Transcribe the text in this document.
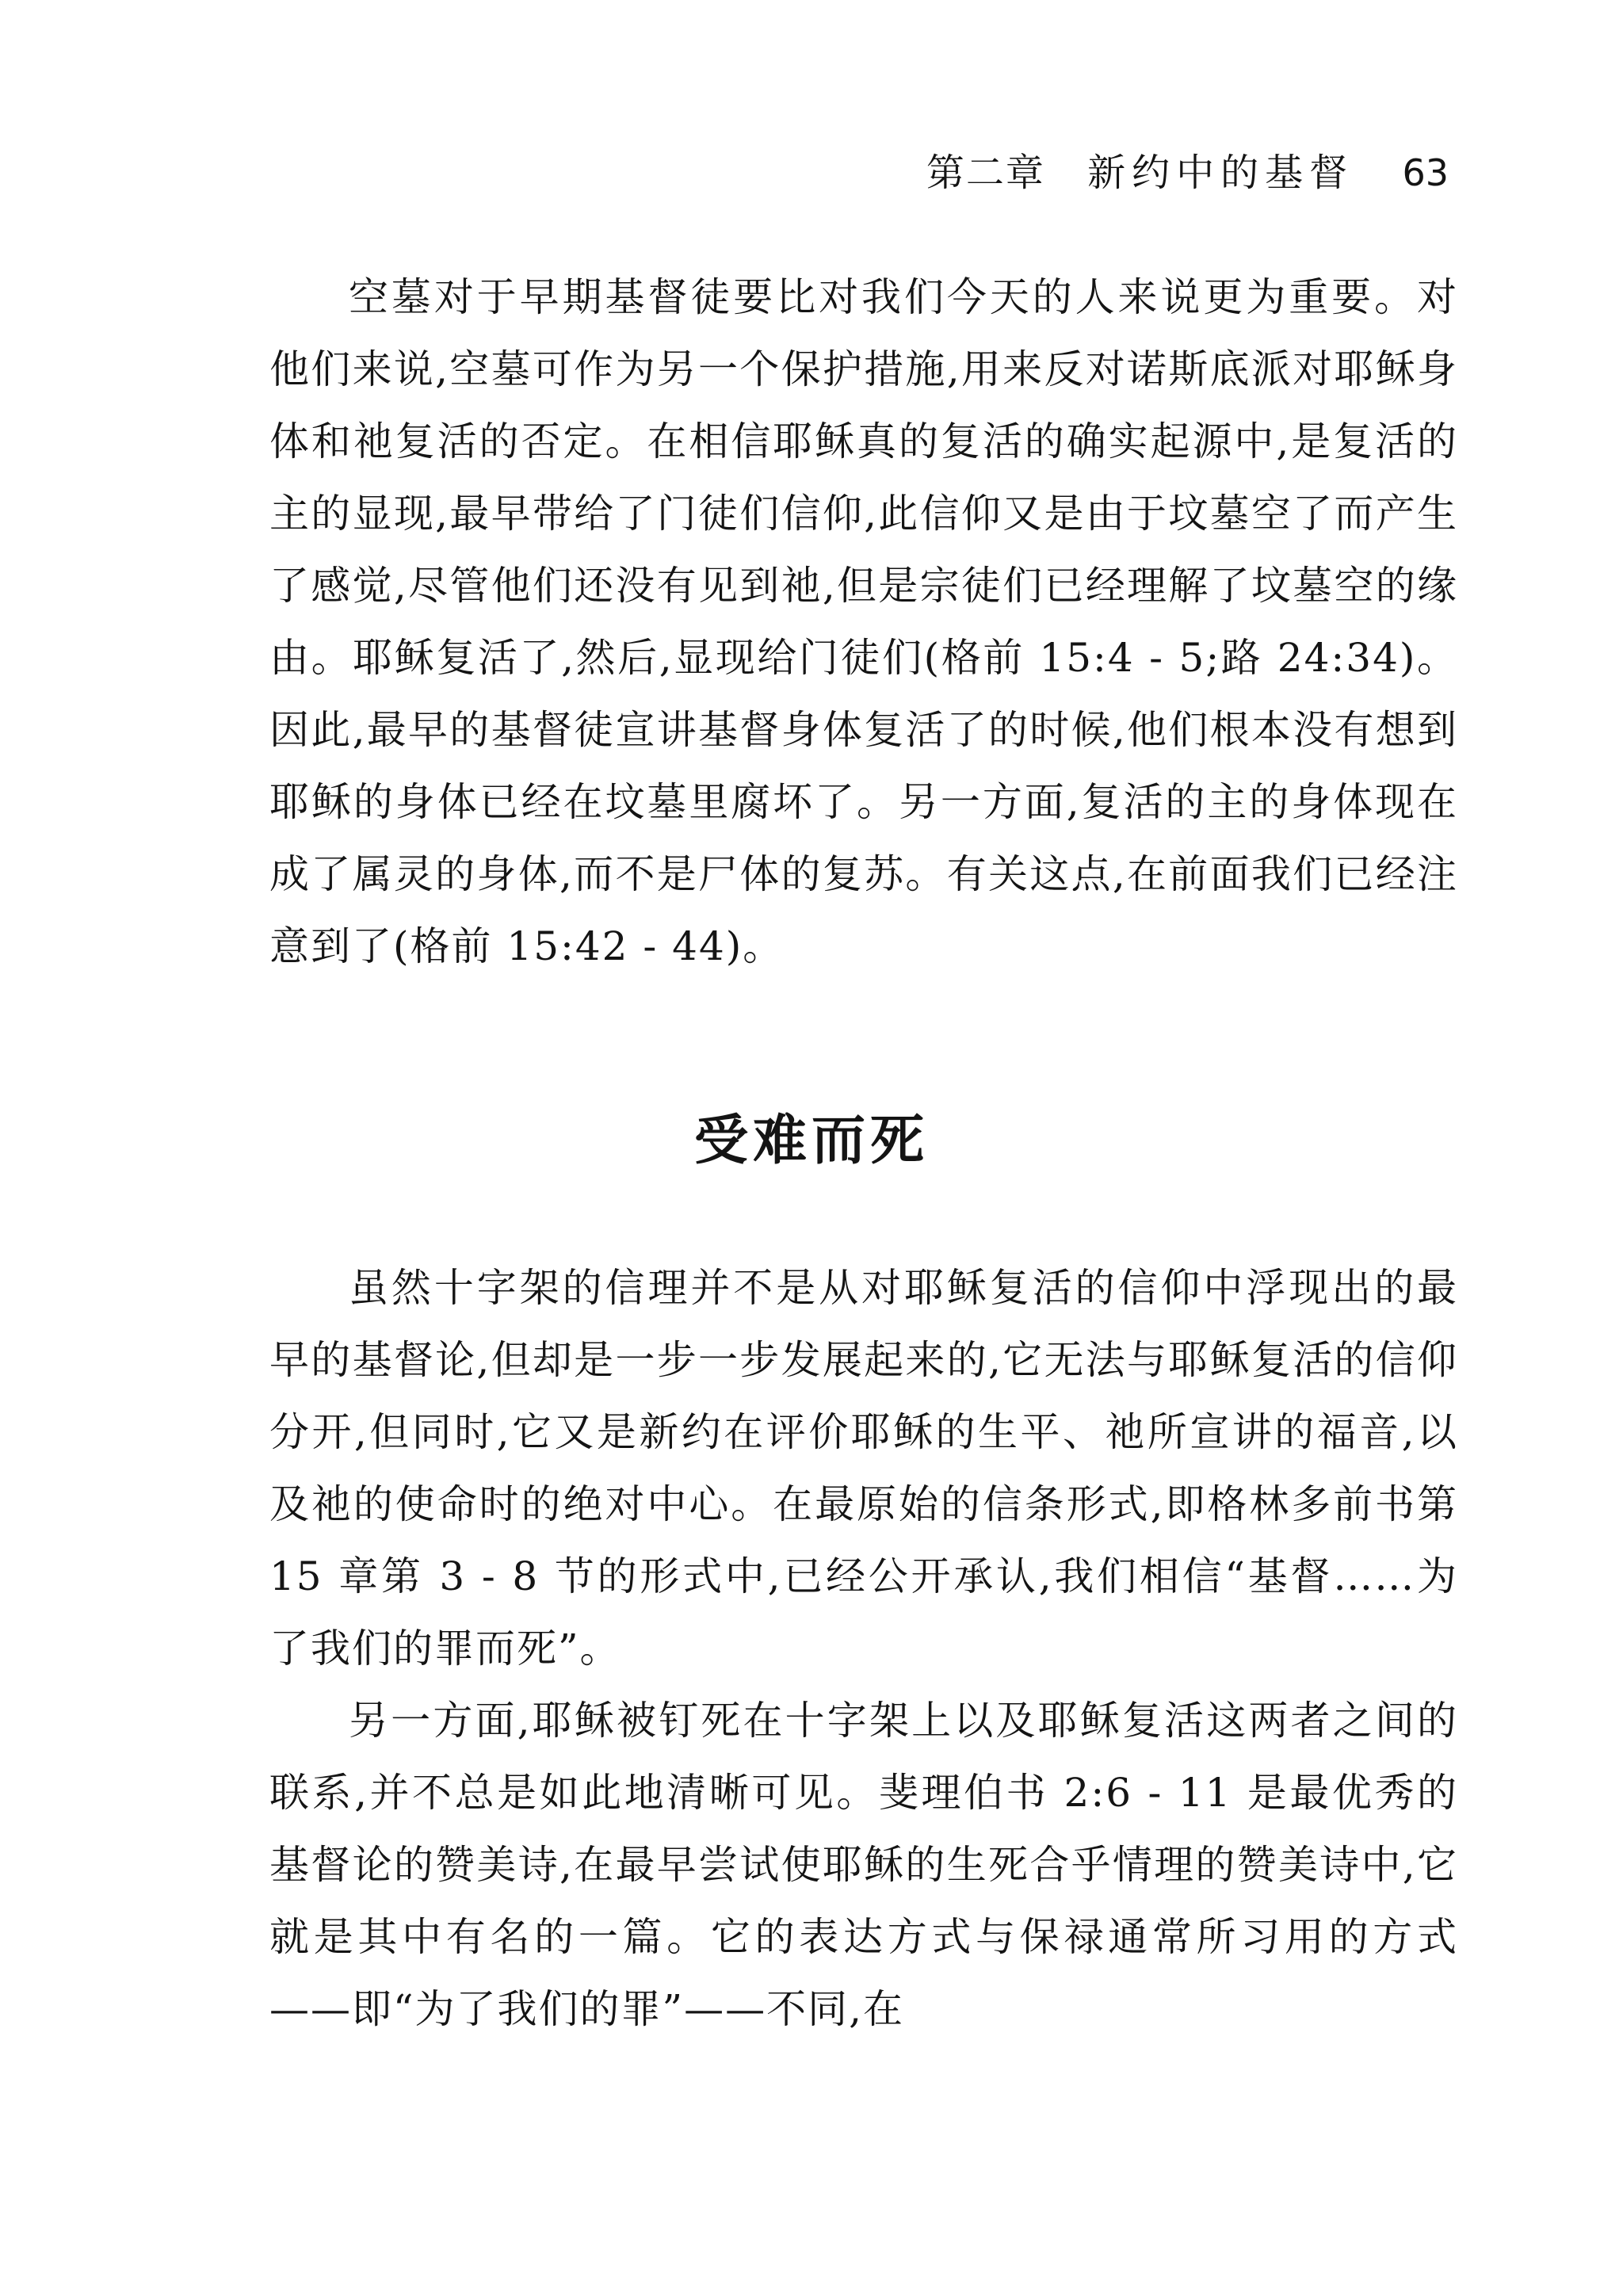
第二章 新约中的基督 63

空墓对于早期基督徒要比对我们今天的人来说更为重要。对他们来说,空墓可作为另一个保护措施,用来反对诺斯底派对耶稣身体和祂复活的否定。在相信耶稣真的复活的确实起源中,是复活的主的显现,最早带给了门徒们信仰,此信仰又是由于坟墓空了而产生了感觉,尽管他们还没有见到祂,但是宗徒们已经理解了坟墓空的缘由。耶稣复活了,然后,显现给门徒们(格前 15:4 - 5;路 24:34)。因此,最早的基督徒宣讲基督身体复活了的时候,他们根本没有想到耶稣的身体已经在坟墓里腐坏了。另一方面,复活的主的身体现在成了属灵的身体,而不是尸体的复苏。有关这点,在前面我们已经注意到了(格前 15:42 - 44)。

受难而死

虽然十字架的信理并不是从对耶稣复活的信仰中浮现出的最早的基督论,但却是一步一步发展起来的,它无法与耶稣复活的信仰分开,但同时,它又是新约在评价耶稣的生平、祂所宣讲的福音,以及祂的使命时的绝对中心。在最原始的信条形式,即格林多前书第 15 章第 3 - 8 节的形式中,已经公开承认,我们相信“基督……为了我们的罪而死”。

另一方面,耶稣被钉死在十字架上以及耶稣复活这两者之间的联系,并不总是如此地清晰可见。斐理伯书 2:6 - 11 是最优秀的基督论的赞美诗,在最早尝试使耶稣的生死合乎情理的赞美诗中,它就是其中有名的一篇。它的表达方式与保禄通常所习用的方式——即“为了我们的罪”——不同,在
